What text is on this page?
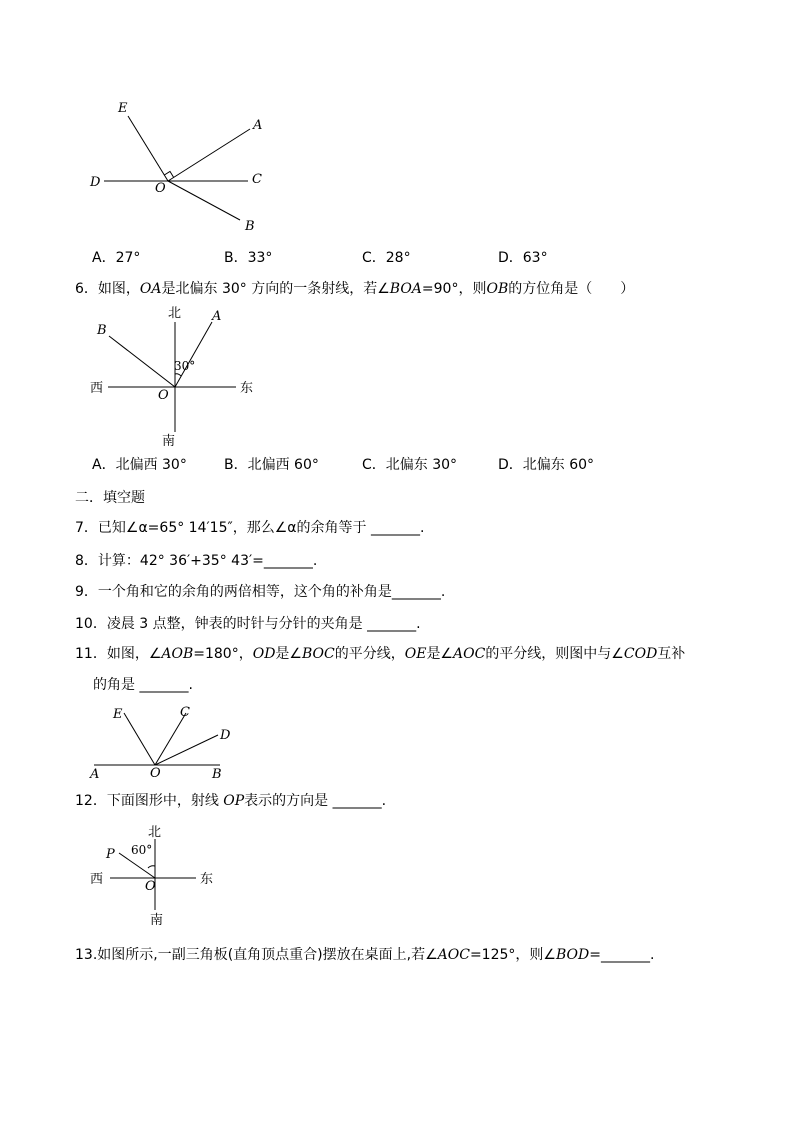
E
A
D	O
C
B
A．27°	B．33°	C．28°	D．63°
6．如图，OA是北偏东 30° 方向的一条射线，若∠BOA=90°，则OB的方位角是（　　）
北 A
B
30°
西	O	东
南
A．北偏西 30°	B．北偏西 60°	C．北偏东 30°	D．北偏东 60°
二．填空题
7．已知∠α=65° 14′15″，那么∠α的余角等于 _______.
8．计算：42° 36′+35° 43′=_______.
9．一个角和它的余角的两倍相等，这个角的补角是_______.
10．凌晨 3 点整，钟表的时针与分针的夹角是 _______.
11．如图，∠AOB=180°，OD是∠BOC的平分线，OE是∠AOC的平分线，则图中与∠COD互补
的角是 _______.
E	C
D
A	O	B
12．下面图形中，射线 OP表示的方向是 _______.
北
P 60°
西	O	东
南
13.如图所示,一副三角板(直角顶点重合)摆放在桌面上,若∠AOC=125°，则∠BOD=_______.
